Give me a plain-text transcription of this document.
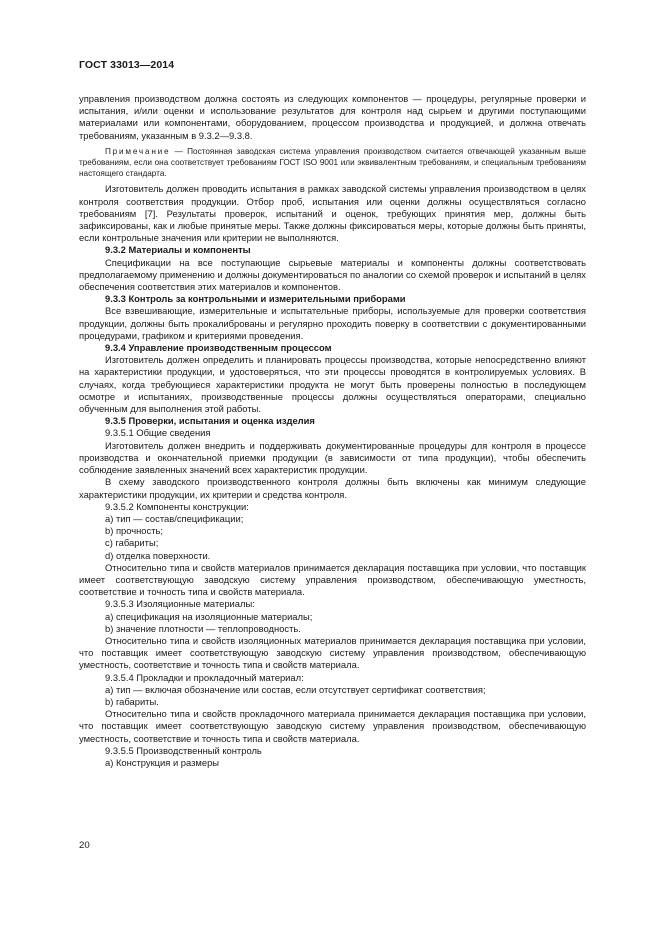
ГОСТ 33013—2014

управления производством должна состоять из следующих компонентов — процедуры, регулярные проверки и испытания, и/или оценки и использование результатов для контроля над сырьем и другими поступающими материалами или компонентами, оборудованием, процессом производства и продукцией, и должна отвечать требованиям, указанным в 9.3.2—9.3.8.

Примечание — Постоянная заводская система управления производством считается отвечающей указанным выше требованиям, если она соответствует требованиям ГОСТ ISO 9001 или эквивалентным требованиям, и специальным требованиям настоящего стандарта.

Изготовитель должен проводить испытания в рамках заводской системы управления производством в целях контроля соответствия продукции. Отбор проб, испытания или оценки должны осуществляться согласно требованиям [7]. Результаты проверок, испытаний и оценок, требующих принятия мер, должны быть зафиксированы, как и любые принятые меры. Также должны фиксироваться меры, которые должны быть приняты, если контрольные значения или критерии не выполняются.

9.3.2 Материалы и компоненты

Спецификации на все поступающие сырьевые материалы и компоненты должны соответствовать предполагаемому применению и должны документироваться по аналогии со схемой проверок и испытаний в целях обеспечения соответствия этих материалов и компонентов.

9.3.3 Контроль за контрольными и измерительными приборами

Все взвешивающие, измерительные и испытательные приборы, используемые для проверки соответствия продукции, должны быть прокалиброваны и регулярно проходить поверку в соответствии с документированными процедурами, графиком и критериями проведения.

9.3.4 Управление производственным процессом

Изготовитель должен определить и планировать процессы производства, которые непосредственно влияют на характеристики продукции, и удостоверяться, что эти процессы проводятся в контролируемых условиях. В случаях, когда требующиеся характеристики продукта не могут быть проверены полностью в последующем осмотре и испытаниях, производственные процессы должны осуществляться операторами, специально обученным для выполнения этой работы.

9.3.5 Проверки, испытания и оценка изделия

9.3.5.1 Общие сведения

Изготовитель должен внедрить и поддерживать документированные процедуры для контроля в процессе производства и окончательной приемки продукции (в зависимости от типа продукции), чтобы обеспечить соблюдение заявленных значений всех характеристик продукции.

В схему заводского производственного контроля должны быть включены как минимум следующие характеристики продукции, их критерии и средства контроля.

9.3.5.2 Компоненты конструкции:

a) тип — состав/спецификации;

b) прочность;

c) габариты;

d) отделка поверхности.

Относительно типа и свойств материалов принимается декларация поставщика при условии, что поставщик имеет соответствующую заводскую систему управления производством, обеспечивающую уместность, соответствие и точность типа и свойств материала.

9.3.5.3 Изоляционные материалы:

a) спецификация на изоляционные материалы;

b) значение плотности — теплопроводность.

Относительно типа и свойств изоляционных материалов принимается декларация поставщика при условии, что поставщик имеет соответствующую заводскую систему управления производством, обеспечивающую уместность, соответствие и точность типа и свойств материала.

9.3.5.4 Прокладки и прокладочный материал:

a) тип — включая обозначение или состав, если отсутствует сертификат соответствия;

b) габариты.

Относительно типа и свойств прокладочного материала принимается декларация поставщика при условии, что поставщик имеет соответствующую заводскую систему управления производством, обеспечивающую уместность, соответствие и точность типа и свойств материала.

9.3.5.5 Производственный контроль

a) Конструкция и размеры

20
